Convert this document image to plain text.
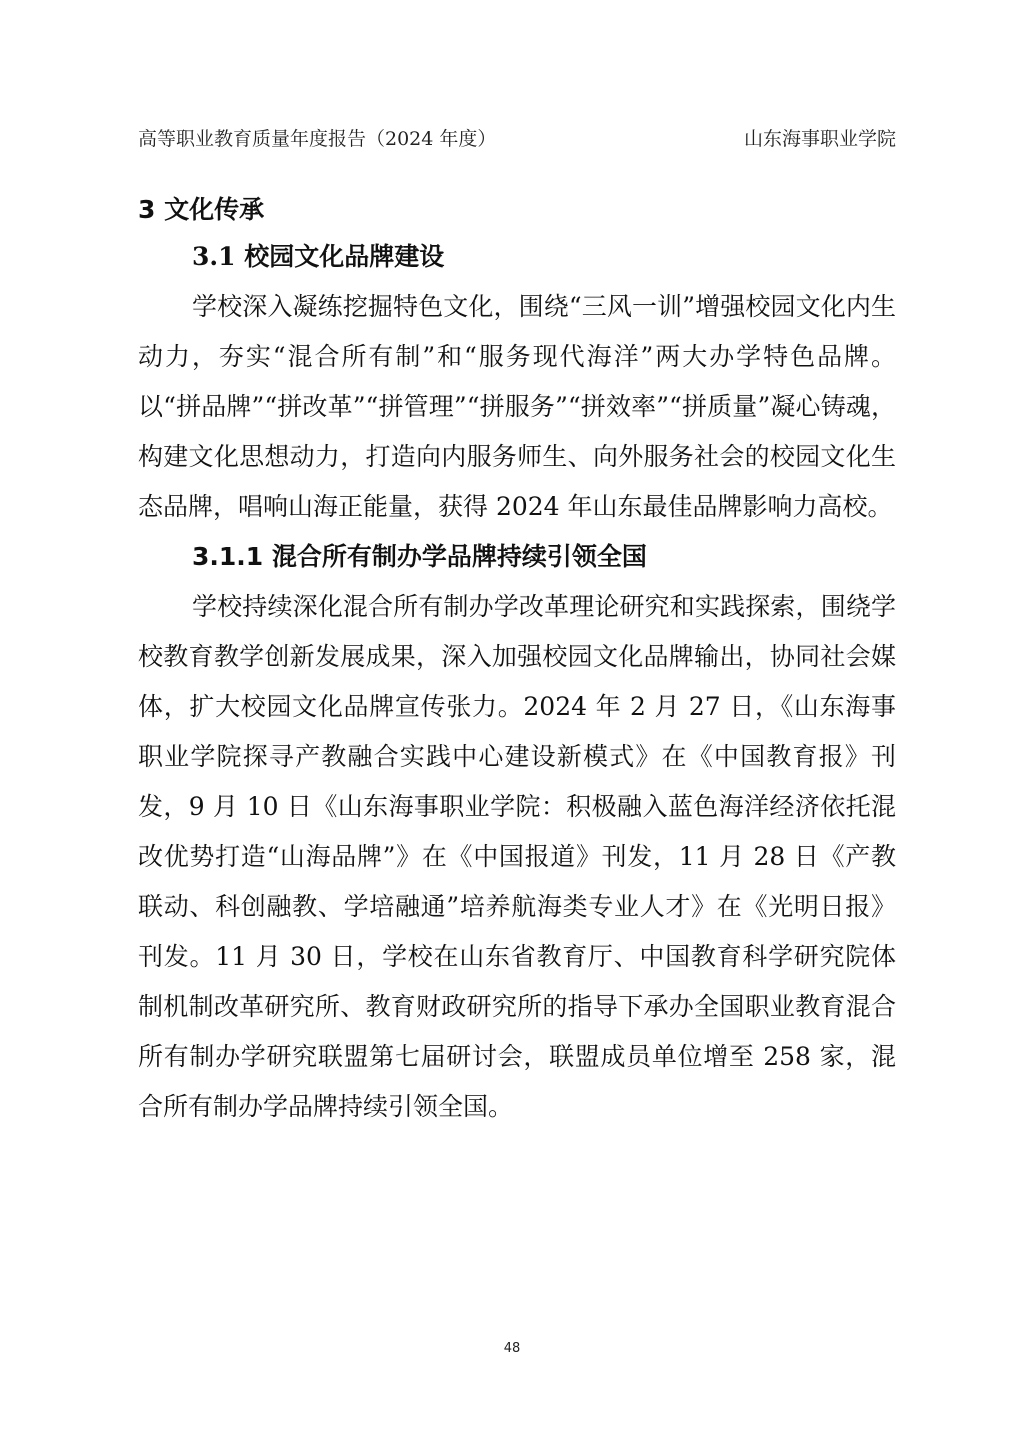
高等职业教育质量年度报告（2024 年度）	山东海事职业学院
3 文化传承
3.1 校园文化品牌建设

学校深入凝练挖掘特色文化，围绕“三风一训”增强校园文化内生动力，夯实“混合所有制”和“服务现代海洋”两大办学特色品牌。以“拼品牌”“拼改革”“拼管理”“拼服务”“拼效率”“拼质量”凝心铸魂，构建文化思想动力，打造向内服务师生、向外服务社会的校园文化生态品牌，唱响山海正能量，获得 2024 年山东最佳品牌影响力高校。

3.1.1 混合所有制办学品牌持续引领全国

学校持续深化混合所有制办学改革理论研究和实践探索，围绕学校教育教学创新发展成果，深入加强校园文化品牌输出，协同社会媒体，扩大校园文化品牌宣传张力。2024 年 2 月 27 日，《山东海事职业学院探寻产教融合实践中心建设新模式》在《中国教育报》刊发，9 月 10 日《山东海事职业学院：积极融入蓝色海洋经济依托混改优势打造“山海品牌”》在《中国报道》刊发，11 月 28 日《产教联动、科创融教、学培融通”培养航海类专业人才》在《光明日报》刊发。11 月 30 日，学校在山东省教育厅、中国教育科学研究院体制机制改革研究所、教育财政研究所的指导下承办全国职业教育混合所有制办学研究联盟第七届研讨会，联盟成员单位增至 258 家，混合所有制办学品牌持续引领全国。

48
